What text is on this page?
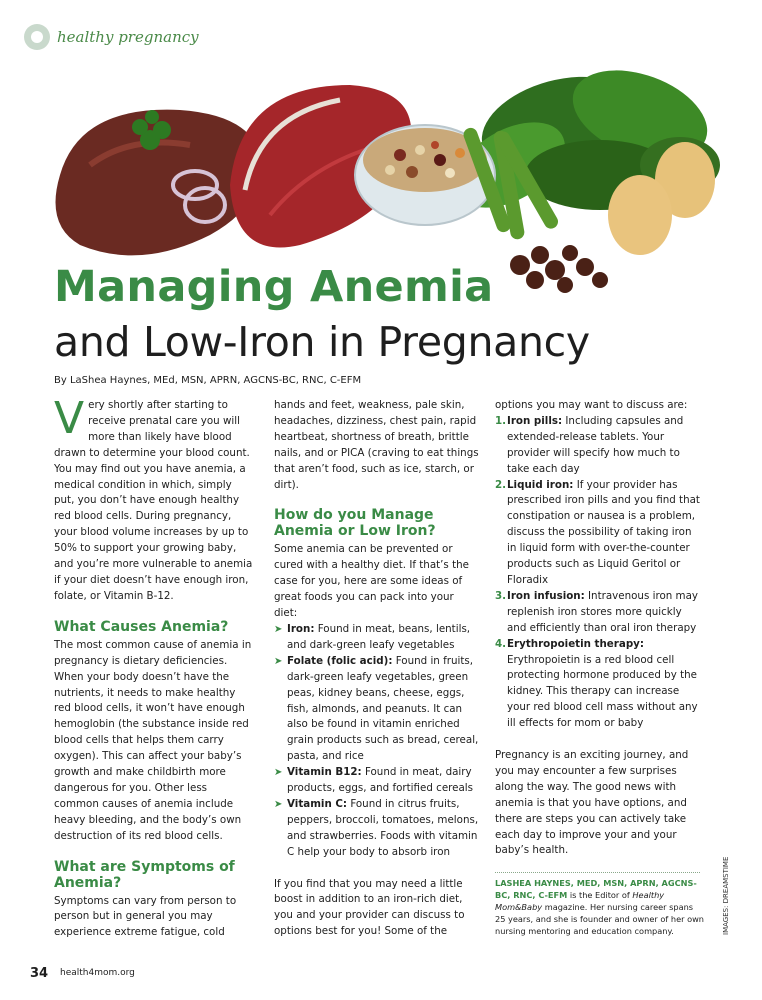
healthy pregnancy
Managing Anemia
and Low-Iron in Pregnancy
By LaShea Haynes, MEd, MSN, APRN, AGCNS-BC, RNC, C-EFM

Very shortly after starting to receive prenatal care you will more than likely have blood drawn to determine your blood count. You may find out you have anemia, a medical condition in which, simply put, you don’t have enough healthy red blood cells. During pregnancy, your blood volume increases by up to 50% to support your growing baby, and you’re more vulnerable to anemia if your diet doesn’t have enough iron, folate, or Vitamin B-12.

What Causes Anemia?

The most common cause of anemia in pregnancy is dietary deficiencies. When your body doesn’t have the nutrients, it needs to make healthy red blood cells, it won’t have enough hemoglobin (the substance inside red blood cells that helps them carry oxygen). This can affect your baby’s growth and make childbirth more dangerous for you. Other less common causes of anemia include heavy bleeding, and the body’s own destruction of its red blood cells.

What are Symptoms of Anemia?

Symptoms can vary from person to person but in general you may experience extreme fatigue, cold

hands and feet, weakness, pale skin, headaches, dizziness, chest pain, rapid heartbeat, shortness of breath, brittle nails, and or PICA (craving to eat things that aren’t food, such as ice, starch, or dirt).

How do you Manage Anemia or Low Iron?

Some anemia can be prevented or cured with a healthy diet. If that’s the case for you, here are some ideas of great foods you can pack into your diet:

➤ Iron: Found in meat, beans, lentils, and dark-green leafy vegetables
➤ Folate (folic acid): Found in fruits, dark-green leafy vegetables, green peas, kidney beans, cheese, eggs, fish, almonds, and peanuts. It can also be found in vitamin enriched grain products such as bread, cereal, pasta, and rice
➤ Vitamin B12: Found in meat, dairy products, eggs, and fortified cereals
➤ Vitamin C: Found in citrus fruits, peppers, broccoli, tomatoes, melons, and strawberries. Foods with vitamin C help your body to absorb iron

If you find that you may need a little boost in addition to an iron-rich diet, you and your provider can discuss to options best for you! Some of the

options you may want to discuss are:

1. Iron pills: Including capsules and extended-release tablets. Your provider will specify how much to take each day
2. Liquid iron: If your provider has prescribed iron pills and you find that constipation or nausea is a problem, discuss the possibility of taking iron in liquid form with over-the-counter products such as Liquid Geritol or Floradix
3. Iron infusion: Intravenous iron may replenish iron stores more quickly and efficiently than oral iron therapy
4. Erythropoietin therapy: Erythropoietin is a red blood cell protecting hormone produced by the kidney. This therapy can increase your red blood cell mass without any ill effects for mom or baby

Pregnancy is an exciting journey, and you may encounter a few surprises along the way. The good news with anemia is that you have options, and there are steps you can actively take each day to improve your and your baby’s health.

LASHEA HAYNES, MED, MSN, APRN, AGCNS-BC, RNC, C-EFM is the Editor of Healthy Mom&Baby magazine. Her nursing career spans 25 years, and she is founder and owner of her own nursing mentoring and education company.	IMAGES: DREAMSTIME
34 health4mom.org
